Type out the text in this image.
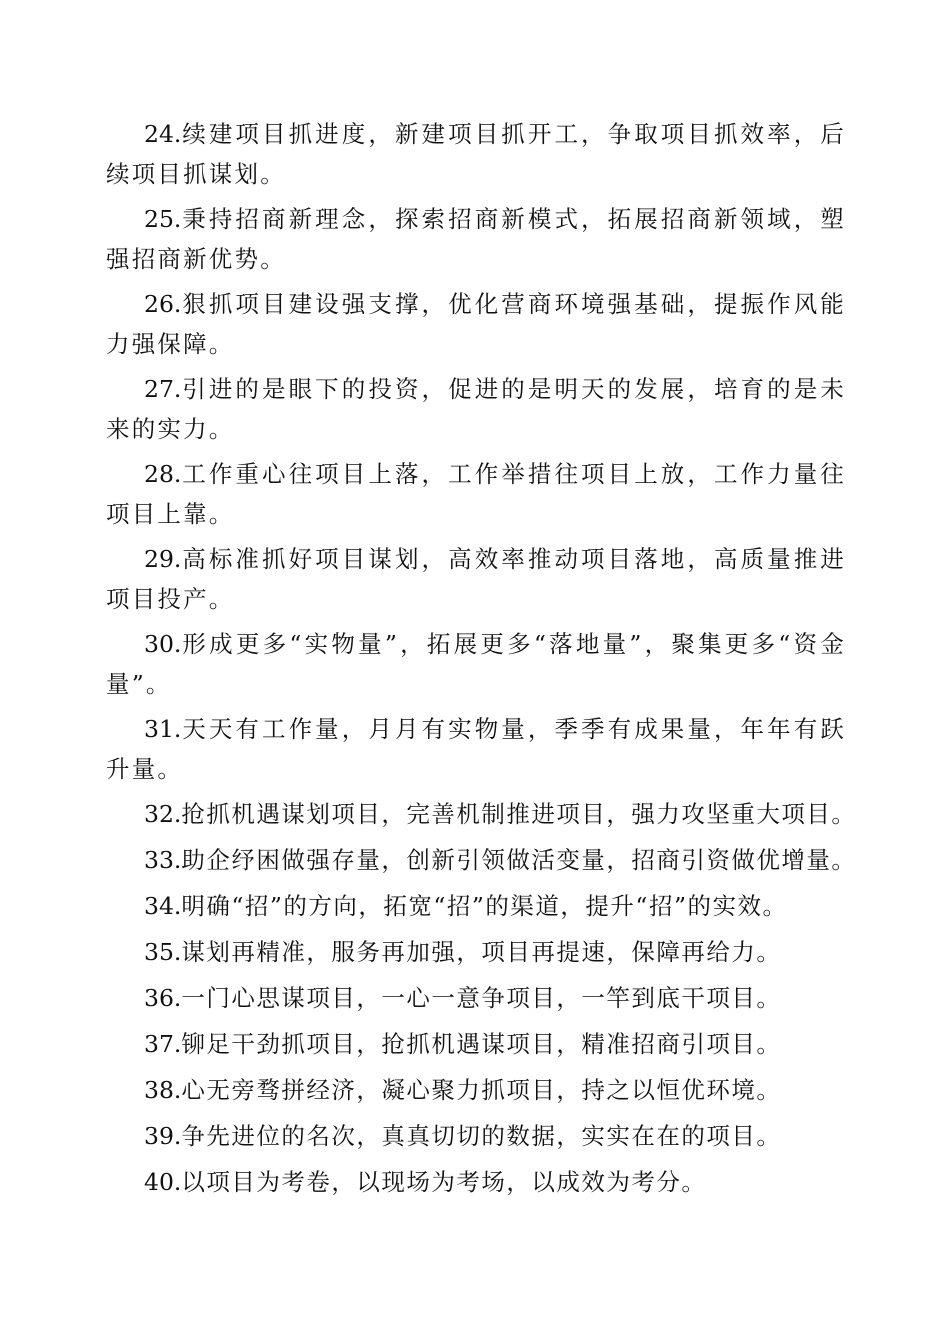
24.续建项目抓进度，新建项目抓开工，争取项目抓效率，后续项目抓谋划。

25.秉持招商新理念，探索招商新模式，拓展招商新领域，塑强招商新优势。

26.狠抓项目建设强支撑，优化营商环境强基础，提振作风能力强保障。

27.引进的是眼下的投资，促进的是明天的发展，培育的是未来的实力。

28.工作重心往项目上落，工作举措往项目上放，工作力量往项目上靠。

29.高标准抓好项目谋划，高效率推动项目落地，高质量推进项目投产。

30.形成更多“实物量”，拓展更多“落地量”，聚集更多“资金量”。

31.天天有工作量，月月有实物量，季季有成果量，年年有跃升量。

32.抢抓机遇谋划项目，完善机制推进项目，强力攻坚重大项目。

33.助企纾困做强存量，创新引领做活变量，招商引资做优增量。

34.明确“招”的方向，拓宽“招”的渠道，提升“招”的实效。

35.谋划再精准，服务再加强，项目再提速，保障再给力。

36.一门心思谋项目，一心一意争项目，一竿到底干项目。

37.铆足干劲抓项目，抢抓机遇谋项目，精准招商引项目。

38.心无旁骛拼经济，凝心聚力抓项目，持之以恒优环境。

39.争先进位的名次，真真切切的数据，实实在在的项目。

40.以项目为考卷，以现场为考场，以成效为考分。
